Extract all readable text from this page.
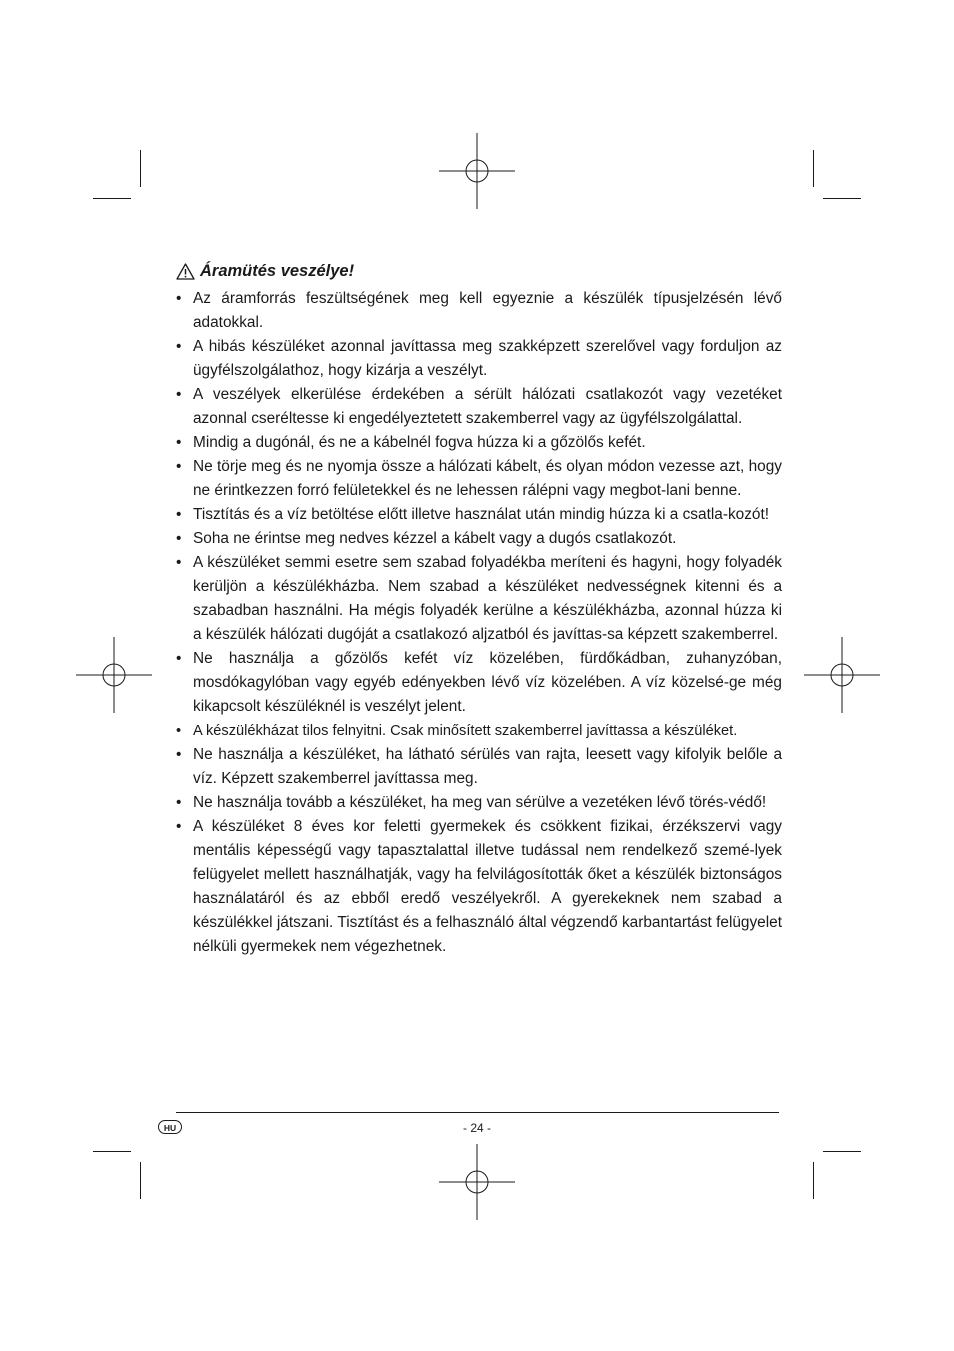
Áramütés veszélye!
• Az áramforrás feszültségének meg kell egyeznie a készülék típusjelzésén lévő adatokkal.
• A hibás készüléket azonnal javíttassa meg szakképzett szerelővel vagy forduljon az ügyfélszolgálathoz, hogy kizárja a veszélyt.
• A veszélyek elkerülése érdekében a sérült hálózati csatlakozót vagy vezetéket azonnal cseréltesse ki engedélyeztetett szakemberrel vagy az ügyfélszolgálattal.
• Mindig a dugónál, és ne a kábelnél fogva húzza ki a gőzölős kefét.
• Ne törje meg és ne nyomja össze a hálózati kábelt, és olyan módon vezesse azt, hogy ne érintkezzen forró felületekkel és ne lehessen rálépni vagy megbot-lani benne.
• Tisztítás és a víz betöltése előtt illetve használat után mindig húzza ki a csatla-kozót!
• Soha ne érintse meg nedves kézzel a kábelt vagy a dugós csatlakozót.
• A készüléket semmi esetre sem szabad folyadékba meríteni és hagyni, hogy folyadék kerüljön a készülékházba. Nem szabad a készüléket nedvességnek kitenni és a szabadban használni. Ha mégis folyadék kerülne a készülékházba, azonnal húzza ki a készülék hálózati dugóját a csatlakozó aljzatból és javíttas-sa képzett szakemberrel.
• Ne használja a gőzölős kefét víz közelében, fürdőkádban, zuhanyzóban, mosdókagylóban vagy egyéb edényekben lévő víz közelében. A víz közelsé-ge még kikapcsolt készüléknél is veszélyt jelent.
• A készülékházat tilos felnyitni. Csak minősített szakemberrel javíttassa a készüléket.
• Ne használja a készüléket, ha látható sérülés van rajta, leesett vagy kifolyik belőle a víz. Képzett szakemberrel javíttassa meg.
• Ne használja tovább a készüléket, ha meg van sérülve a vezetéken lévő törés-védő!
• A készüléket 8 éves kor feletti gyermekek és csökkent fizikai, érzékszervi vagy mentális képességű vagy tapasztalattal illetve tudással nem rendelkező szemé-lyek felügyelet mellett használhatják, vagy ha felvilágosították őket a készülék biztonságos használatáról és az ebből eredő veszélyekről. A gyerekeknek nem szabad a készülékkel játszani. Tisztítást és a felhasználó által végzendő karbantartást felügyelet nélküli gyermekek nem végezhetnek.
HU	- 24 -
